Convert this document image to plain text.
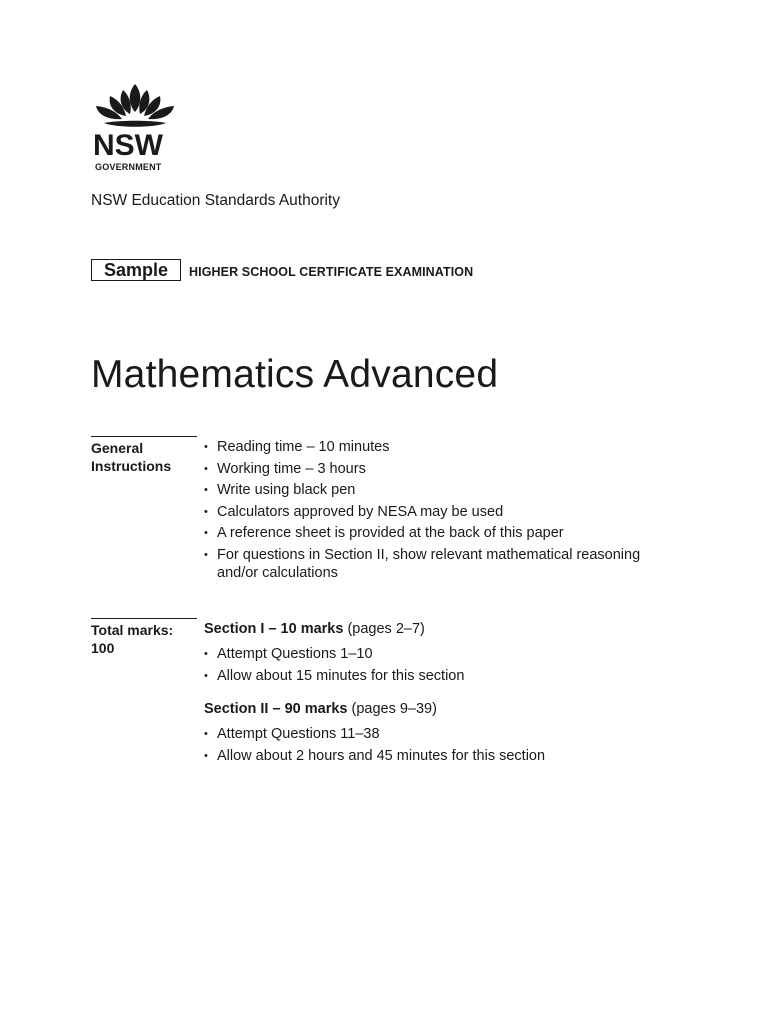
NSW
GOVERNMENT
NSW Education Standards Authority
Sample	HIGHER SCHOOL CERTIFICATE EXAMINATION
Mathematics Advanced
General
Instructions
• Reading time – 10 minutes
• Working time – 3 hours
• Write using black pen
• Calculators approved by NESA may be used
• A reference sheet is provided at the back of this paper
• For questions in Section II, show relevant mathematical reasoning and/or calculations
Total marks:
100
Section I – 10 marks (pages 2–7)
• Attempt Questions 1–10
• Allow about 15 minutes for this section
Section II – 90 marks (pages 9–39)
• Attempt Questions 11–38
• Allow about 2 hours and 45 minutes for this section
